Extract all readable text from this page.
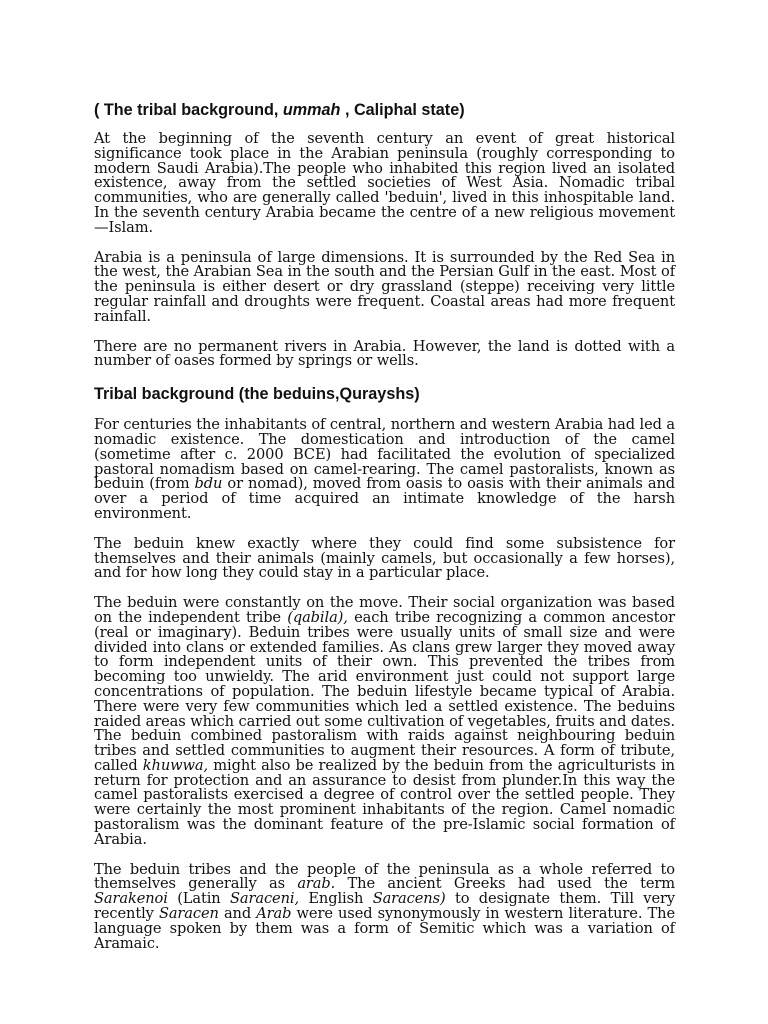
( The tribal background, ummah , Caliphal state)

At the beginning of the seventh century an event of great historical significance took place in the Arabian peninsula (roughly corresponding to modern Saudi Arabia).The people who inhabited this region lived an isolated existence, away from the settled societies of West Asia. Nomadic tribal communities, who are generally called 'beduin', lived in this inhospitable land. In the seventh century Arabia became the centre of a new religious movement—Islam.

Arabia is a peninsula of large dimensions. It is surrounded by the Red Sea in the west, the Arabian Sea in the south and the Persian Gulf in the east. Most of the peninsula is either desert or dry grassland (steppe) receiving very little regular rainfall and droughts were frequent. Coastal areas had more frequent rainfall.

There are no permanent rivers in Arabia. However, the land is dotted with a number of oases formed by springs or wells.

Tribal background (the beduins,Qurayshs)

For centuries the inhabitants of central, northern and western Arabia had led a nomadic existence. The domestication and introduction of the camel (sometime after c. 2000 BCE) had facilitated the evolution of specialized pastoral nomadism based on camel-rearing. The camel pastoralists, known as beduin (from bdu or nomad), moved from oasis to oasis with their animals and over a period of time acquired an intimate knowledge of the harsh environment.

The beduin knew exactly where they could find some subsistence for themselves and their animals (mainly camels, but occasionally a few horses), and for how long they could stay in a particular place.

The beduin were constantly on the move. Their social organization was based on the independent tribe (qabila), each tribe recognizing a common ancestor (real or imaginary). Beduin tribes were usually units of small size and were divided into clans or extended families. As clans grew larger they moved away to form independent units of their own. This prevented the tribes from becoming too unwieldy. The arid environment just could not support large concentrations of population. The beduin lifestyle became typical of Arabia. There were very few communities which led a settled existence. The beduins raided areas which carried out some cultivation of vegetables, fruits and dates. The beduin combined pastoralism with raids against neighbouring beduin tribes and settled communities to augment their resources. A form of tribute, called khuwwa, might also be realized by the beduin from the agriculturists in return for protection and an assurance to desist from plunder.In this way the camel pastoralists exercised a degree of control over the settled people. They were certainly the most prominent inhabitants of the region. Camel nomadic pastoralism was the dominant feature of the pre-Islamic social formation of Arabia.

The beduin tribes and the people of the peninsula as a whole referred to themselves generally as arab. The ancient Greeks had used the term Sarakenoi (Latin Saraceni, English Saracens) to designate them. Till very recently Saracen and Arab were used synonymously in western literature. The language spoken by them was a form of Semitic which was a variation of Aramaic.
